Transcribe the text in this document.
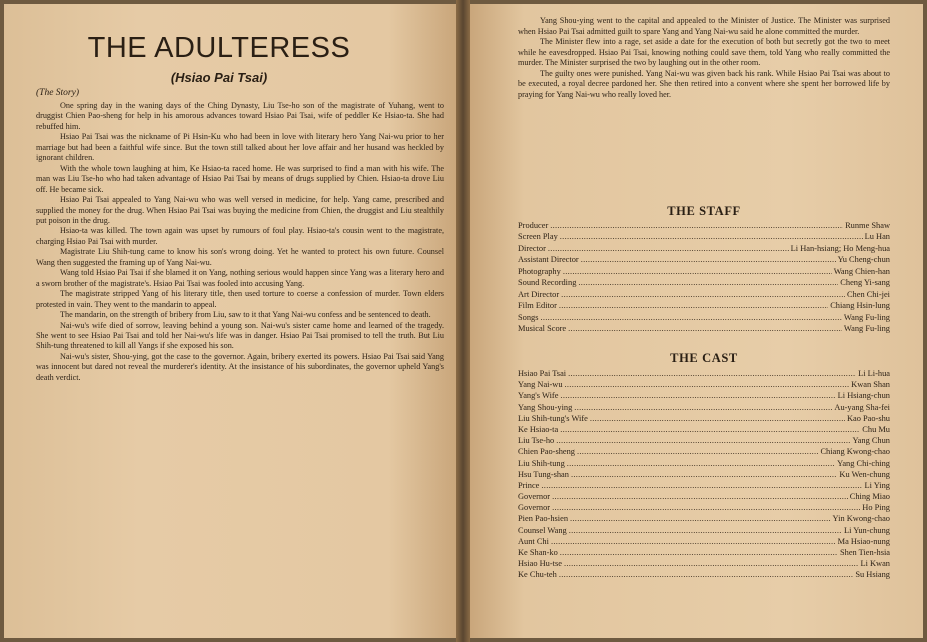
THE ADULTERESS
(Hsiao Pai Tsai)
(The Story)

One spring day in the waning days of the Ching Dynasty, Liu Tse-ho son of the magistrate of Yuhang, went to druggist Chien Pao-sheng for help in his amorous advances toward Hsiao Pai Tsai, wife of peddler Ke Hsiao-ta. She had rebuffed him.

Hsiao Pai Tsai was the nickname of Pi Hsin-Ku who had been in love with literary hero Yang Nai-wu prior to her marriage but had been a faithful wife since. But the town still talked about her love affair and her husand was heckled by ignorant children.

With the whole town laughing at him, Ke Hsiao-ta raced home. He was surprised to find a man with his wife. The man was Liu Tse-ho who had taken advantage of Hsiao Pai Tsai by means of drugs supplied by Chien. Hsiao-ta drove Liu off. He became sick.

Hsiao Pai Tsai appealed to Yang Nai-wu who was well versed in medicine, for help. Yang came, prescribed and supplied the money for the drug. When Hsiao Pai Tsai was buying the medicine from Chien, the druggist and Liu stealthily put poison in the drug.

Hsiao-ta was killed. The town again was upset by rumours of foul play. Hsiao-ta's cousin went to the magistrate, charging Hsiao Pai Tsai with murder.

Magistrate Liu Shih-tung came to know his son's wrong doing. Yet he wanted to protect his own future. Counsel Wang then suggested the framing up of Yang Nai-wu.

Wang told Hsiao Pai Tsai if she blamed it on Yang, nothing serious would happen since Yang was a literary hero and a sworn brother of the magistrate's. Hsiao Pai Tsai was fooled into accusing Yang.

The magistrate stripped Yang of his literary title, then used torture to coerse a confession of murder. Town elders protested in vain. They went to the mandarin to appeal.

The mandarin, on the strength of bribery from Liu, saw to it that Yang Nai-wu confess and be sentenced to death.

Nai-wu's wife died of sorrow, leaving behind a young son. Nai-wu's sister came home and learned of the tragedy. She went to see Hsiao Pai Tsai and told her Nai-wu's life was in danger. Hsiao Pai Tsai promised to tell the truth. But Liu Shih-tung threatened to kill all Yangs if she exposed his son.

Nai-wu's sister, Shou-ying, got the case to the governor. Again, bribery exerted its powers. Hsiao Pai Tsai said Yang was innocent but dared not reveal the murderer's identity. At the insistance of his subordinates, the governor upheld Yang's death verdict.

Yang Shou-ying went to the capital and appealed to the Minister of Justice. The Minister was surprised when Hsiao Pai Tsai admitted guilt to spare Yang and Yang Nai-wu said he alone committed the murder.

The Minister flew into a rage, set aside a date for the execution of both but secretly got the two to meet while he eavesdropped. Hsiao Pai Tsai, knowing nothing could save them, told Yang who really committed the murder. The Minister surprised the two by laughing out in the other room.

The guilty ones were punished. Yang Nai-wu was given back his rank. While Hsiao Pai Tsai was about to be executed, a royal decree pardoned her. She then retired into a convent where she spent her borrowed life by praying for Yang Nai-wu who really loved her.

THE STAFF
Producer .....	Runme Shaw
Screen Play .....	Lu Han
Director .....	Li Han-hsiang; Ho Meng-hua
Assistant Director .....	Yu Cheng-chun
Photography .....	Wang Chien-han
Sound Recording .....	Cheng Yi-sang
Art Director .....	Chen Chi-jei
Film Editor .....	Chiang Hsin-lung
Songs .....	Wang Fu-ling
Musical Score .....	Wang Fu-ling
THE CAST
Hsiao Pai Tsai .....	Li Li-hua
Yang Nai-wu .....	Kwan Shan
Yang's Wife .....	Li Hsiang-chun
Yang Shou-ying .....	Au-yang Sha-fei
Liu Shih-tung's Wife .....	Kao Pao-shu
Ke Hsiao-ta .....	Chu Mu
Liu Tse-ho .....	Yang Chun
Chien Pao-sheng .....	Chiang Kwong-chao
Liu Shih-tung .....	Yang Chi-ching
Hsu Tung-shan .....	Ku Wen-chung
Prince .....	Li Ying
Governor .....	Ching Miao
Governor .....	Ho Ping
Pien Pao-hsien .....	Yin Kwong-chao
Counsel Wang .....	Li Yun-chung
Aunt Chi .....	Ma Hsiao-nung
Ke Shan-ko .....	Shen Tien-hsia
Hsiao Hu-tse .....	Li Kwan
Ke Chu-teh .....	Su Hsiang
